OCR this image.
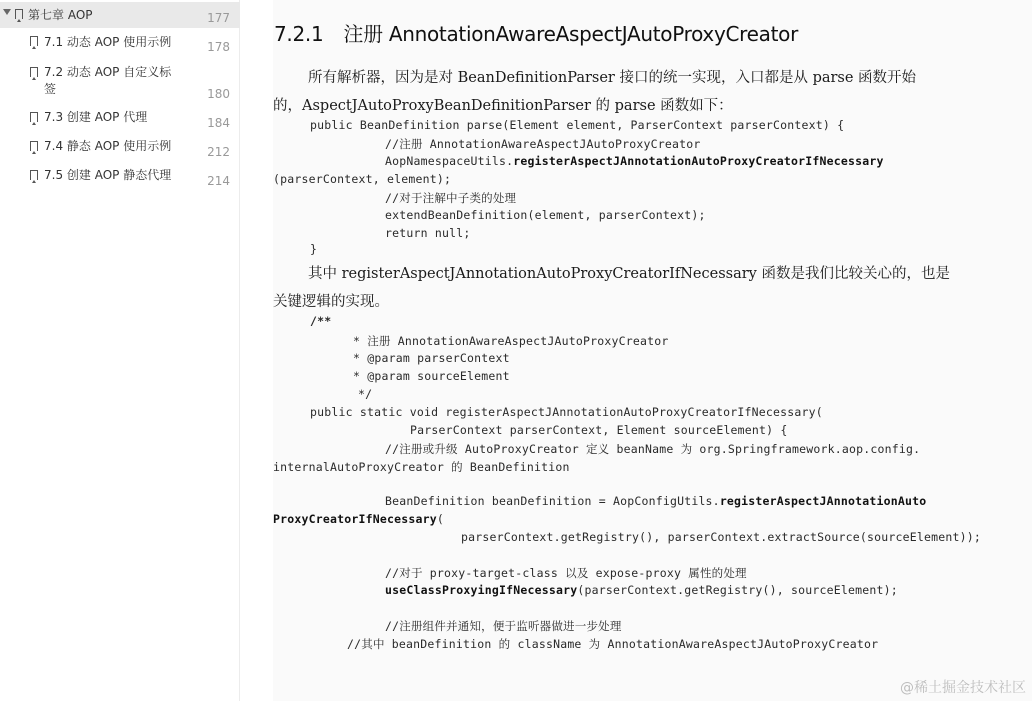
第七章 AOP	177
7.1 动态 AOP 使用示例	178
7.2 动态 AOP 自定义标
签	180
7.3 创建 AOP 代理	184
7.4 静态 AOP 使用示例	212
7.5 创建 AOP 静态代理	214
7.2.1 注册 AnnotationAwareAspectJAutoProxyCreator
所有解析器，因为是对 BeanDefinitionParser 接口的统一实现，入口都是从 parse 函数开始
的，AspectJAutoProxyBeanDefinitionParser 的 parse 函数如下：
public BeanDefinition parse(Element element, ParserContext parserContext) {
//注册 AnnotationAwareAspectJAutoProxyCreator
AopNamespaceUtils.registerAspectJAnnotationAutoProxyCreatorIfNecessary
(parserContext, element);
//对于注解中子类的处理
extendBeanDefinition(element, parserContext);
return null;
}
其中 registerAspectJAnnotationAutoProxyCreatorIfNecessary 函数是我们比较关心的，也是
关键逻辑的实现。
/**
* 注册 AnnotationAwareAspectJAutoProxyCreator
* @param parserContext
* @param sourceElement
*/
public static void registerAspectJAnnotationAutoProxyCreatorIfNecessary(
ParserContext parserContext, Element sourceElement) {
//注册或升级 AutoProxyCreator 定义 beanName 为 org.Springframework.aop.config.
internalAutoProxyCreator 的 BeanDefinition
BeanDefinition beanDefinition = AopConfigUtils.registerAspectJAnnotationAuto
ProxyCreatorIfNecessary(
parserContext.getRegistry(), parserContext.extractSource(sourceElement));
//对于 proxy-target-class 以及 expose-proxy 属性的处理
useClassProxyingIfNecessary(parserContext.getRegistry(), sourceElement);
//注册组件并通知，便于监听器做进一步处理
//其中 beanDefinition 的 className 为 AnnotationAwareAspectJAutoProxyCreator
@稀土掘金技术社区
